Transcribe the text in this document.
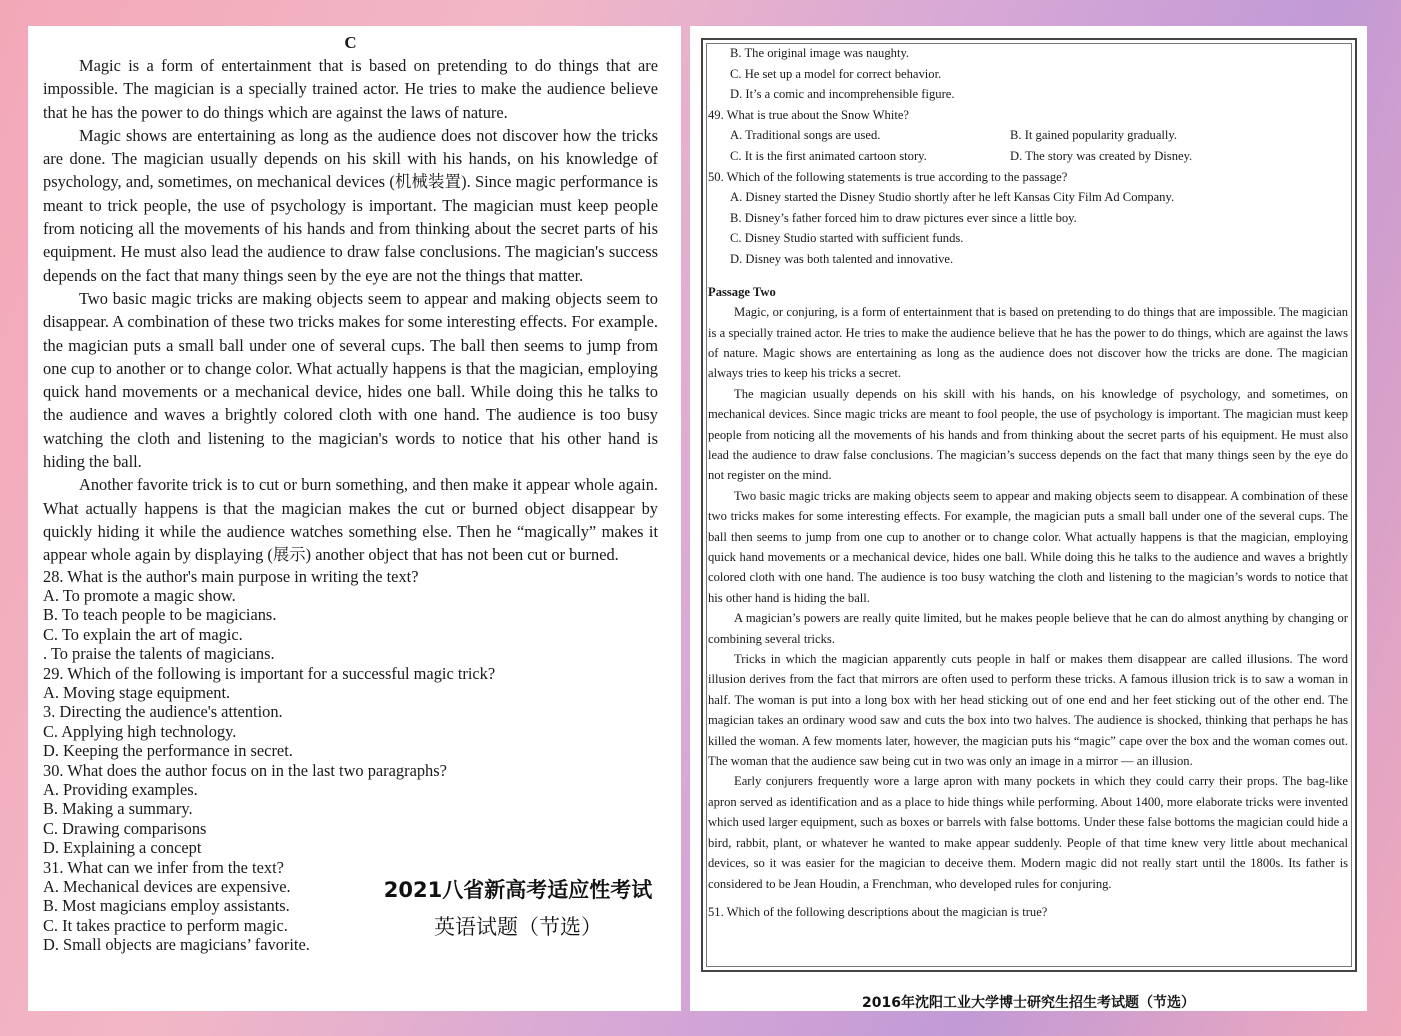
C

Magic is a form of entertainment that is based on pretending to do things that are impossible. The magician is a specially trained actor. He tries to make the audience believe that he has the power to do things which are against the laws of nature.

Magic shows are entertaining as long as the audience does not discover how the tricks are done. The magician usually depends on his skill with his hands, on his knowledge of psychology, and, sometimes, on mechanical devices (机械装置). Since magic performance is meant to trick people, the use of psychology is important. The magician must keep people from noticing all the movements of his hands and from thinking about the secret parts of his equipment. He must also lead the audience to draw false conclusions. The magician's success depends on the fact that many things seen by the eye are not the things that matter.

Two basic magic tricks are making objects seem to appear and making objects seem to disappear. A combination of these two tricks makes for some interesting effects. For example. the magician puts a small ball under one of several cups. The ball then seems to jump from one cup to another or to change color. What actually happens is that the magician, employing quick hand movements or a mechanical device, hides one ball. While doing this he talks to the audience and waves a brightly colored cloth with one hand. The audience is too busy watching the cloth and listening to the magician's words to notice that his other hand is hiding the ball.

Another favorite trick is to cut or burn something, and then make it appear whole again. What actually happens is that the magician makes the cut or burned object disappear by quickly hiding it while the audience watches something else. Then he “magically” makes it appear whole again by displaying (展示) another object that has not been cut or burned.

28. What is the author's main purpose in writing the text?

A. To promote a magic show.

B. To teach people to be magicians.

C. To explain the art of magic.

. To praise the talents of magicians.

29. Which of the following is important for a successful magic trick?

A. Moving stage equipment.

3. Directing the audience's attention.

C. Applying high technology.

D. Keeping the performance in secret.

30. What does the author focus on in the last two paragraphs?

A. Providing examples.

B. Making a summary.

C. Drawing comparisons

D. Explaining a concept

31. What can we infer from the text?

A. Mechanical devices are expensive.

B. Most magicians employ assistants.

C. It takes practice to perform magic.

D. Small objects are magicians’ favorite.

2021八省新高考适应性考试
英语试题（节选）

B. The original image was naughty.

C. He set up a model for correct behavior.

D. It’s a comic and incomprehensible figure.

49. What is true about the Snow White?

A. Traditional songs are used.	B. It gained popularity gradually.
C. It is the first animated cartoon story.	D. The story was created by Disney.

50. Which of the following statements is true according to the passage?

A. Disney started the Disney Studio shortly after he left Kansas City Film Ad Company.

B. Disney’s father forced him to draw pictures ever since a little boy.

C. Disney Studio started with sufficient funds.

D. Disney was both talented and innovative.

Passage Two

Magic, or conjuring, is a form of entertainment that is based on pretending to do things that are impossible. The magician is a specially trained actor. He tries to make the audience believe that he has the power to do things, which are against the laws of nature. Magic shows are entertaining as long as the audience does not discover how the tricks are done. The magician always tries to keep his tricks a secret.

The magician usually depends on his skill with his hands, on his knowledge of psychology, and sometimes, on mechanical devices. Since magic tricks are meant to fool people, the use of psychology is important. The magician must keep people from noticing all the movements of his hands and from thinking about the secret parts of his equipment. He must also lead the audience to draw false conclusions. The magician’s success depends on the fact that many things seen by the eye do not register on the mind.

Two basic magic tricks are making objects seem to appear and making objects seem to disappear. A combination of these two tricks makes for some interesting effects. For example, the magician puts a small ball under one of the several cups. The ball then seems to jump from one cup to another or to change color. What actually happens is that the magician, employing quick hand movements or a mechanical device, hides one ball. While doing this he talks to the audience and waves a brightly colored cloth with one hand. The audience is too busy watching the cloth and listening to the magician’s words to notice that his other hand is hiding the ball.

A magician’s powers are really quite limited, but he makes people believe that he can do almost anything by changing or combining several tricks.

Tricks in which the magician apparently cuts people in half or makes them disappear are called illusions. The word illusion derives from the fact that mirrors are often used to perform these tricks. A famous illusion trick is to saw a woman in half. The woman is put into a long box with her head sticking out of one end and her feet sticking out of the other end. The magician takes an ordinary wood saw and cuts the box into two halves. The audience is shocked, thinking that perhaps he has killed the woman. A few moments later, however, the magician puts his “magic” cape over the box and the woman comes out. The woman that the audience saw being cut in two was only an image in a mirror — an illusion.

Early conjurers frequently wore a large apron with many pockets in which they could carry their props. The bag-like apron served as identification and as a place to hide things while performing. About 1400, more elaborate tricks were invented which used larger equipment, such as boxes or barrels with false bottoms. Under these false bottoms the magician could hide a bird, rabbit, plant, or whatever he wanted to make appear suddenly. People of that time knew very little about mechanical devices, so it was easier for the magician to deceive them. Modern magic did not really start until the 1800s. Its father is considered to be Jean Houdin, a Frenchman, who developed rules for conjuring.

51. Which of the following descriptions about the magician is true?

2016年沈阳工业大学博士研究生招生考试题（节选）
